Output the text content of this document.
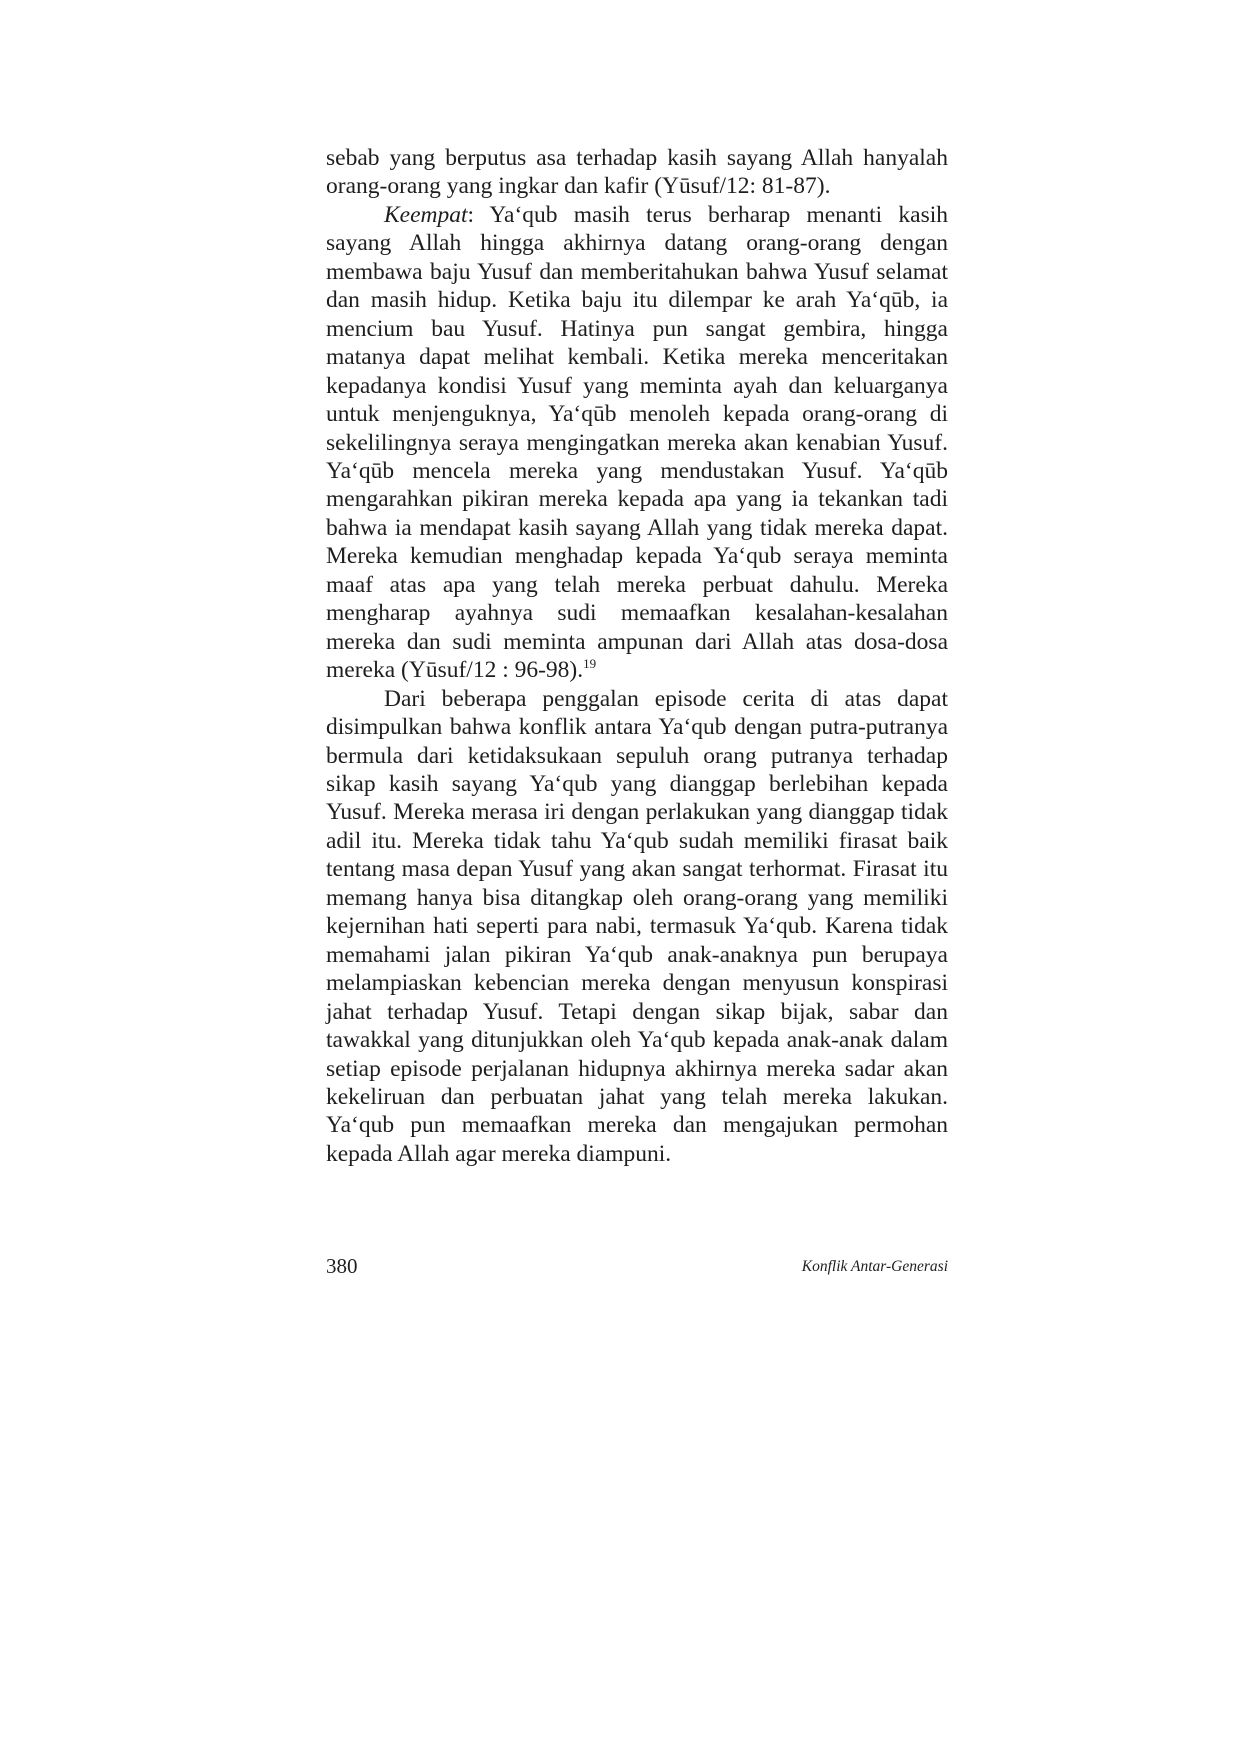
sebab yang berputus asa terhadap kasih sayang Allah hanyalah orang-orang yang ingkar dan kafir (Yūsuf/12: 81-87).

Keempat: Yaʻqub masih terus berharap menanti kasih sayang Allah hingga akhirnya datang orang-orang dengan membawa baju Yusuf dan memberitahukan bahwa Yusuf selamat dan masih hidup. Ketika baju itu dilempar ke arah Yaʻqūb, ia mencium bau Yusuf. Hatinya pun sangat gembira, hingga matanya dapat melihat kembali. Ketika mereka menceritakan kepadanya kondisi Yusuf yang meminta ayah dan keluarganya untuk menjenguknya, Yaʻqūb menoleh kepada orang-orang di sekelilingnya seraya mengingatkan mereka akan kenabian Yusuf. Yaʻqūb mencela mereka yang mendustakan Yusuf. Yaʻqūb mengarahkan pikiran mereka kepada apa yang ia tekankan tadi bahwa ia mendapat kasih sayang Allah yang tidak mereka dapat. Mereka kemudian menghadap kepada Yaʻqub seraya meminta maaf atas apa yang telah mereka perbuat dahulu. Mereka mengharap ayahnya sudi memaafkan kesalahan-kesalahan mereka dan sudi meminta ampunan dari Allah atas dosa-dosa mereka (Yūsuf/12 : 96-98).$^{19}$

Dari beberapa penggalan episode cerita di atas dapat disimpulkan bahwa konflik antara Yaʻqub dengan putra-putranya bermula dari ketidaksukaan sepuluh orang putranya terhadap sikap kasih sayang Yaʻqub yang dianggap berlebihan kepada Yusuf. Mereka merasa iri dengan perlakukan yang dianggap tidak adil itu. Mereka tidak tahu Yaʻqub sudah memiliki firasat baik tentang masa depan Yusuf yang akan sangat terhormat. Firasat itu memang hanya bisa ditangkap oleh orang-orang yang memiliki kejernihan hati seperti para nabi, termasuk Yaʻqub. Karena tidak memahami jalan pikiran Yaʻqub anak-anaknya pun berupaya melampiaskan kebencian mereka dengan menyusun konspirasi jahat terhadap Yusuf. Tetapi dengan sikap bijak, sabar dan tawakkal yang ditunjukkan oleh Yaʻqub kepada anak-anak dalam setiap episode perjalanan hidupnya akhirnya mereka sadar akan kekeliruan dan perbuatan jahat yang telah mereka lakukan. Yaʻqub pun memaafkan mereka dan mengajukan permohan kepada Allah agar mereka diampuni.

380	Konflik Antar-Generasi
